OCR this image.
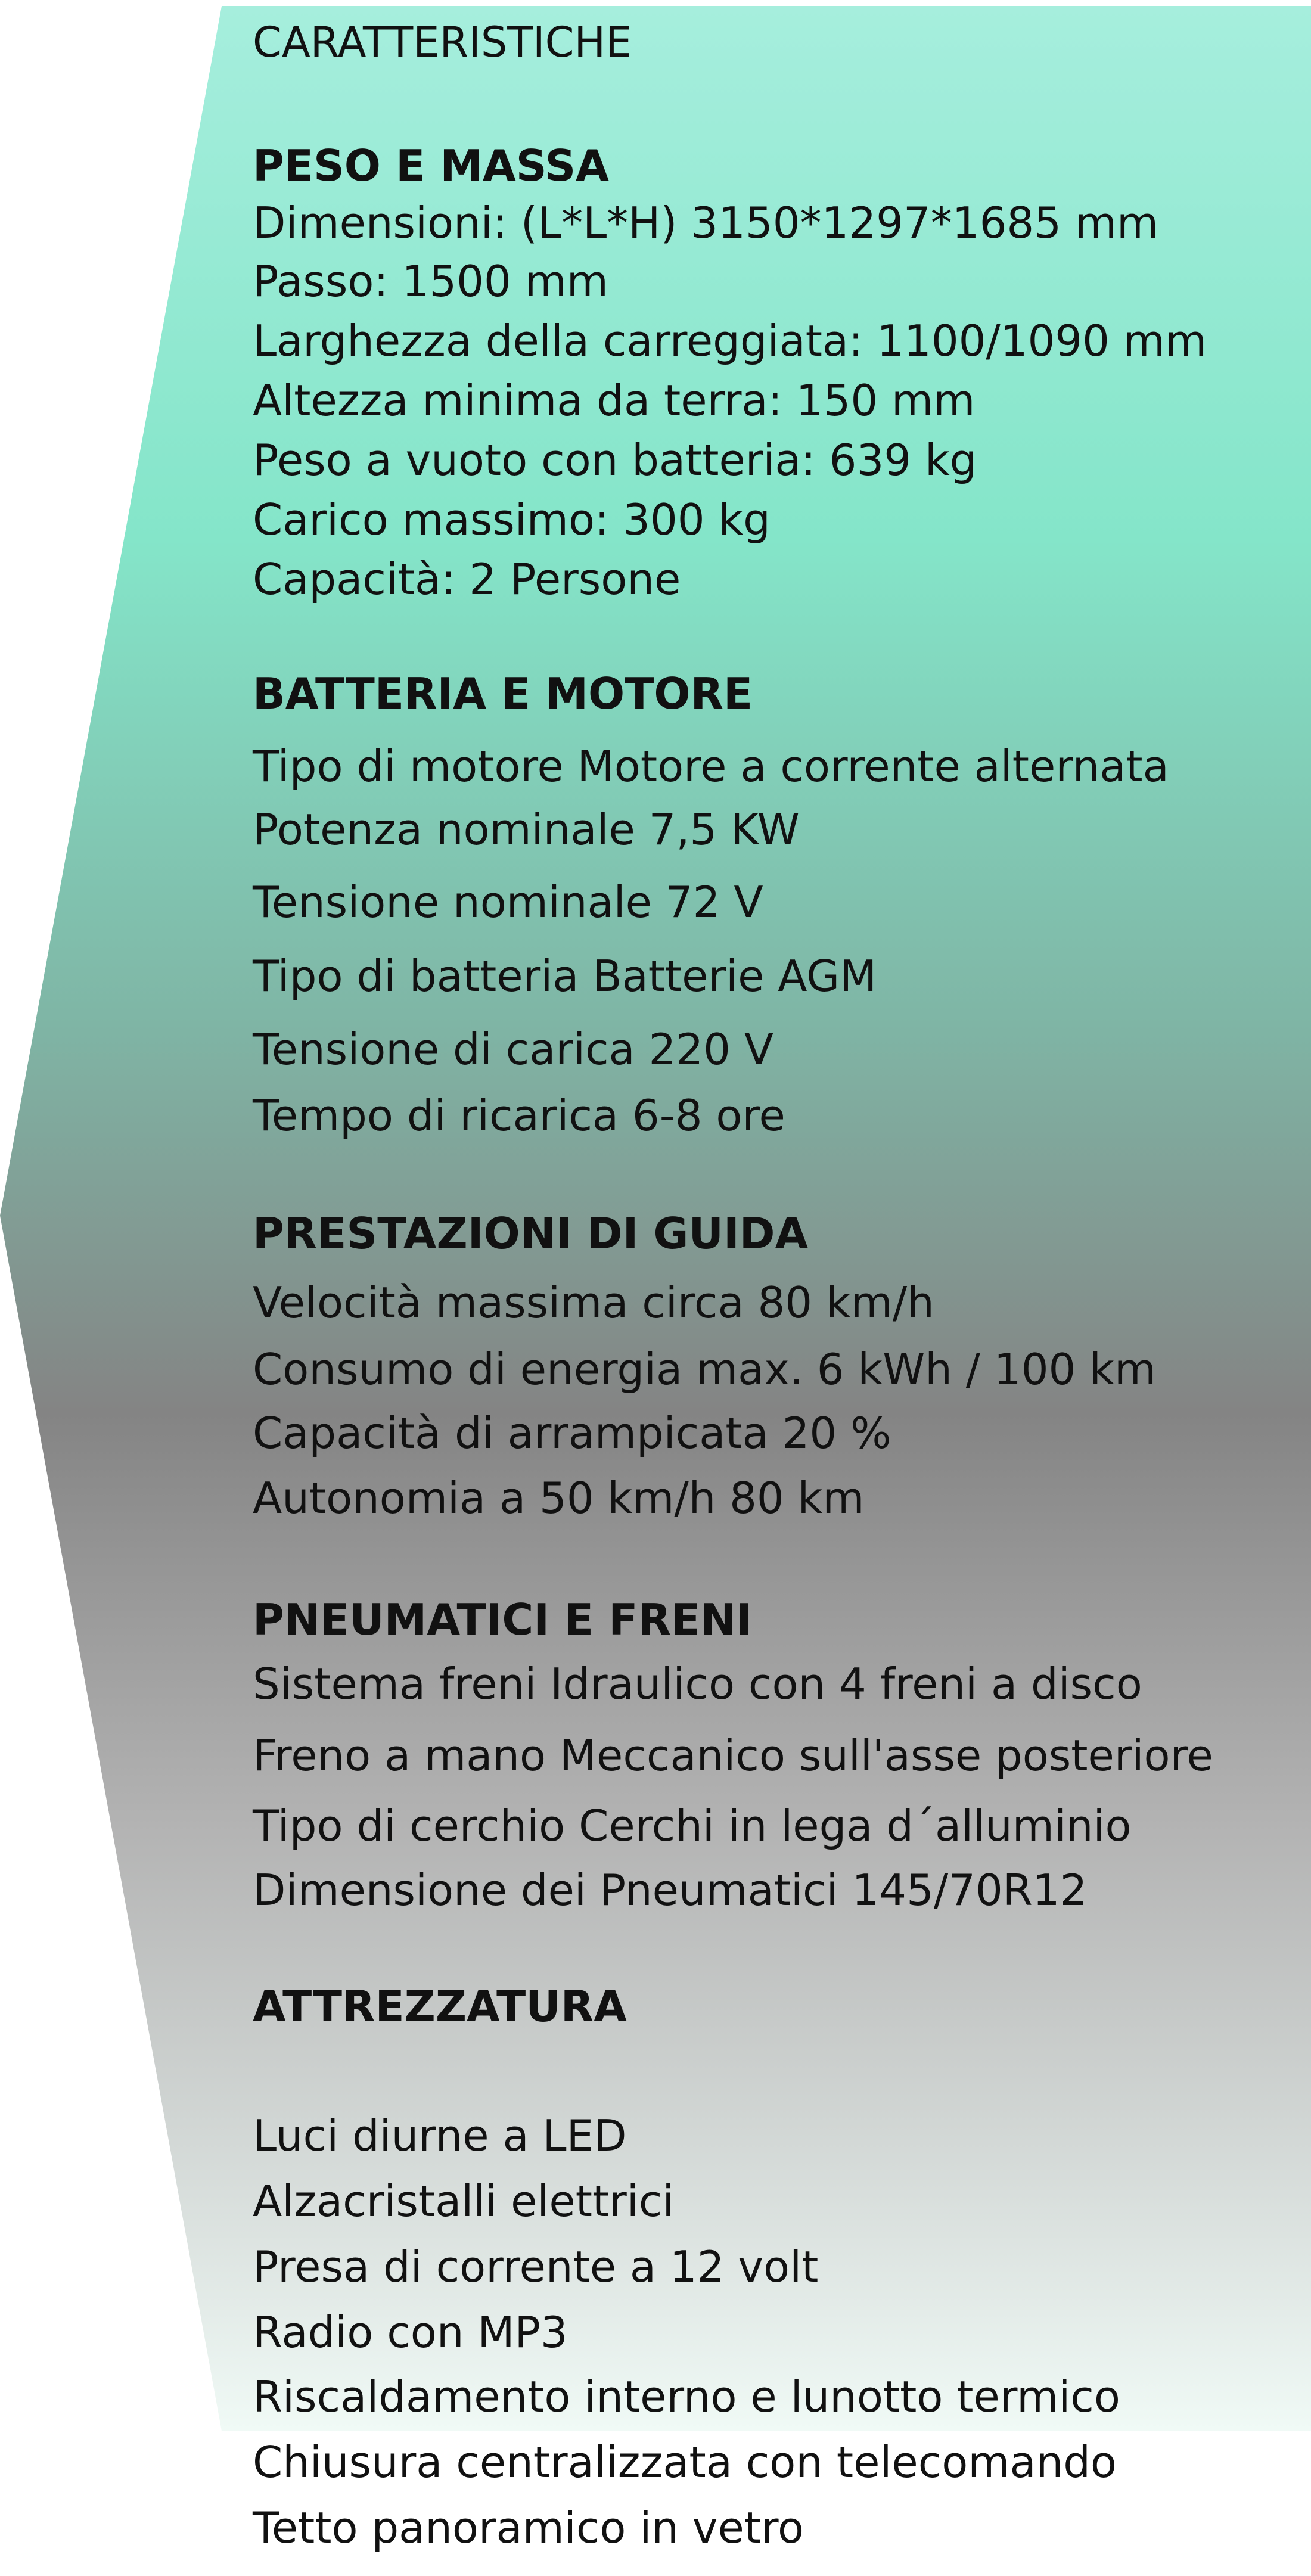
CARATTERISTICHE
PESO E MASSA
Dimensioni: (L*L*H) 3150*1297*1685 mm
Passo: 1500 mm
Larghezza della carreggiata: 1100/1090 mm
Altezza minima da terra: 150 mm
Peso a vuoto con batteria: 639 kg
Carico massimo: 300 kg
Capacità: 2 Persone
BATTERIA E MOTORE
Tipo di motore Motore a corrente alternata
Potenza nominale 7,5 KW
Tensione nominale 72 V
Tipo di batteria Batterie AGM
Tensione di carica 220 V
Tempo di ricarica 6-8 ore
PRESTAZIONI DI GUIDA
Velocità massima circa 80 km/h
Consumo di energia max. 6 kWh / 100 km
Capacità di arrampicata 20 %
Autonomia a 50 km/h 80 km
PNEUMATICI E FRENI
Sistema freni Idraulico con 4 freni a disco
Freno a mano Meccanico sull'asse posteriore
Tipo di cerchio Cerchi in lega d´alluminio
Dimensione dei Pneumatici 145/70R12
ATTREZZATURA
Luci diurne a LED
Alzacristalli elettrici
Presa di corrente a 12 volt
Radio con MP3
Riscaldamento interno e lunotto termico
Chiusura centralizzata con telecomando
Tetto panoramico in vetro
